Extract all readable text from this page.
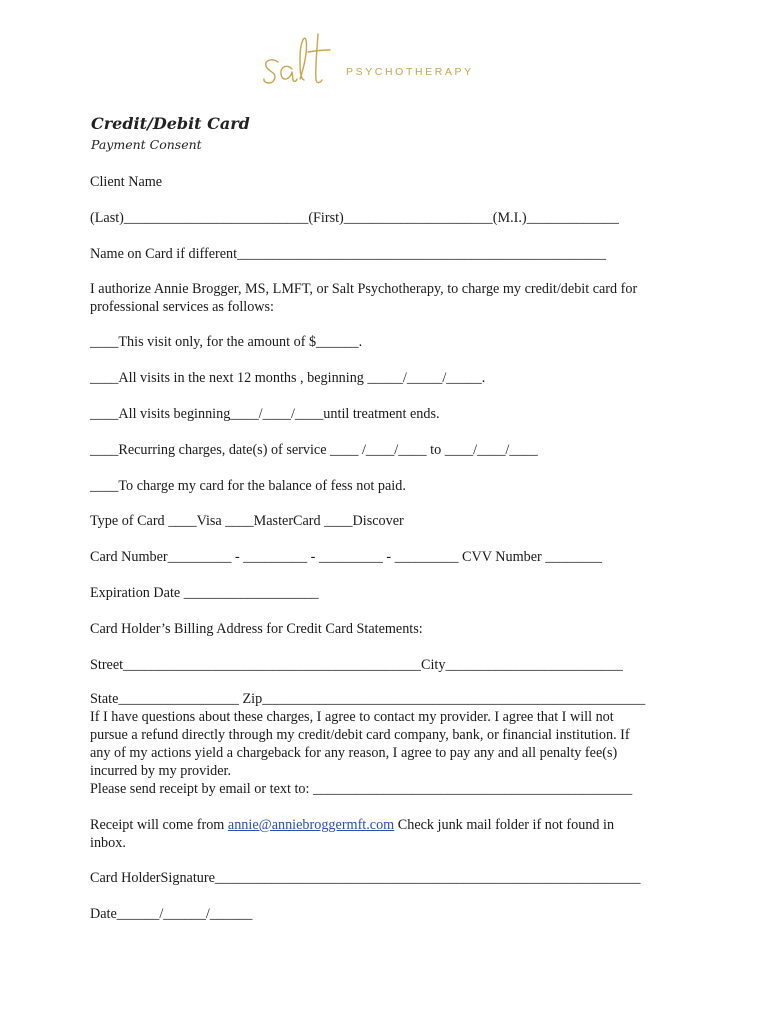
PSYCHOTHERAPY
Credit/Debit Card
Payment Consent
Client Name
(Last)__________________________(First)_____________________(M.I.)_____________
Name on Card if different____________________________________________________
I authorize Annie Brogger, MS, LMFT, or Salt Psychotherapy, to charge my credit/debit card for
professional services as follows:
____This visit only, for the amount of $______.
____All visits in the next 12 months , beginning _____/_____/_____.
____All visits beginning____/____/____until treatment ends.
____Recurring charges, date(s) of service ____ /____/____ to ____/____/____
____To charge my card for the balance of fess not paid.
Type of Card ____Visa ____MasterCard ____Discover
Card Number_________ - _________ - _________ - _________ CVV Number ________
Expiration Date ___________________
Card Holder’s Billing Address for Credit Card Statements:
Street__________________________________________City_________________________
State_________________ Zip______________________________________________________
If I have questions about these charges, I agree to contact my provider. I agree that I will not
pursue a refund directly through my credit/debit card company, bank, or financial institution. If
any of my actions yield a chargeback for any reason, I agree to pay any and all penalty fee(s)
incurred by my provider.
Please send receipt by email or text to: _____________________________________________
Receipt will come from annie@anniebroggermft.com Check junk mail folder if not found in
inbox.
Card HolderSignature____________________________________________________________
Date______/______/______
